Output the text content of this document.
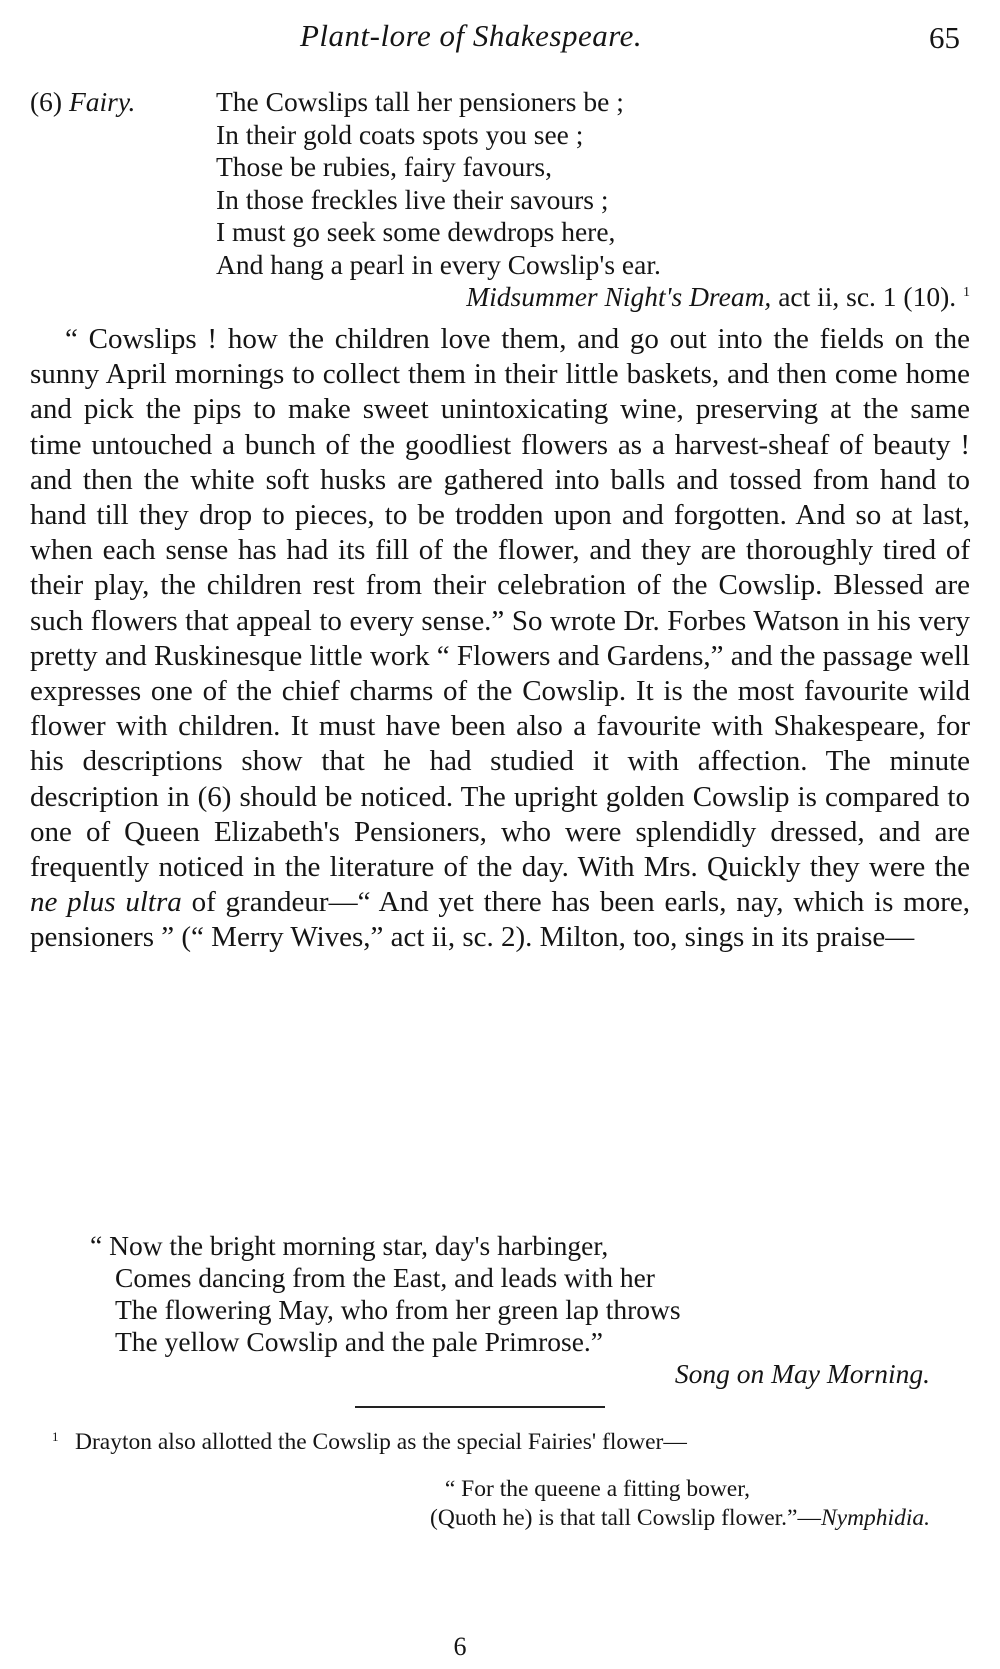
Plant-lore of Shakespeare.	65
(6) Fairy.	The Cowslips tall her pensioners be ;
In their gold coats spots you see ;
Those be rubies, fairy favours,
In those freckles live their savours ;
I must go seek some dewdrops here,
And hang a pearl in every Cowslip's ear.
Midsummer Night's Dream, act ii, sc. 1 (10). $^1$

“ Cowslips ! how the children love them, and go out into the fields on the sunny April mornings to collect them in their little baskets, and then come home and pick the pips to make sweet unintoxicating wine, preserving at the same time untouched a bunch of the goodliest flowers as a harvest-sheaf of beauty ! and then the white soft husks are gathered into balls and tossed from hand to hand till they drop to pieces, to be trodden upon and forgotten. And so at last, when each sense has had its fill of the flower, and they are thoroughly tired of their play, the children rest from their celebration of the Cowslip. Blessed are such flowers that appeal to every sense.” So wrote Dr. Forbes Watson in his very pretty and Ruskinesque little work “ Flowers and Gardens,” and the passage well expresses one of the chief charms of the Cowslip. It is the most favourite wild flower with children. It must have been also a favourite with Shakespeare, for his descriptions show that he had studied it with affection. The minute description in (6) should be noticed. The upright golden Cowslip is compared to one of Queen Elizabeth's Pensioners, who were splendidly dressed, and are frequently noticed in the literature of the day. With Mrs. Quickly they were the ne plus ultra of grandeur—“ And yet there has been earls, nay, which is more, pensioners ” (“ Merry Wives,” act ii, sc. 2). Milton, too, sings in its praise—

“ Now the bright morning star, day's harbinger,
Comes dancing from the East, and leads with her
The flowering May, who from her green lap throws
The yellow Cowslip and the pale Primrose.”
Song on May Morning.
1 Drayton also allotted the Cowslip as the special Fairies' flower—
“ For the queene a fitting bower,
(Quoth he) is that tall Cowslip flower.”—Nymphidia.
6
